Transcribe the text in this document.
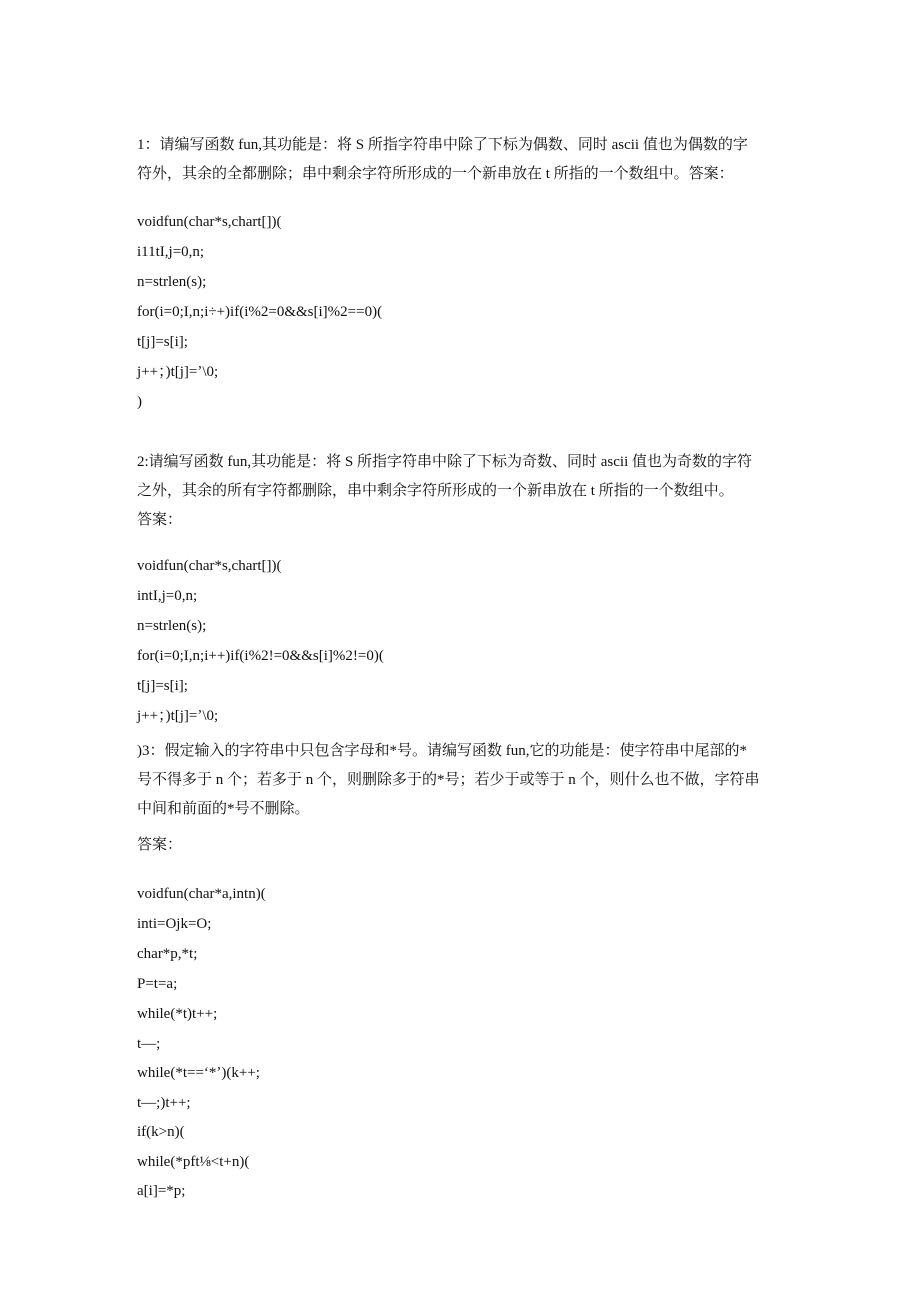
1：请编写函数 fun,其功能是：将 S 所指字符串中除了下标为偶数、同时 ascii 值也为偶数的字
符外，其余的全都删除；串中剩余字符所形成的一个新串放在 t 所指的一个数组中。答案：
voidfun(char*s,chart[])(
i11tI,j=0,n;
n=strlen(s);
for(i=0;I,n;i÷+)if(i%2=0&&s[i]%2==0)(
t[j]=s[i];
j++；)t[j]=ʼ\0;
)
2:请编写函数 fun,其功能是：将 S 所指字符串中除了下标为奇数、同时 ascii 值也为奇数的字符
之外，其余的所有字符都删除，串中剩余字符所形成的一个新串放在 t 所指的一个数组中。
答案：
voidfun(char*s,chart[])(
intI,j=0,n;
n=strlen(s);
for(i=0;I,n;i++)if(i%2!=0&&s[i]%2!=0)(
t[j]=s[i];
j++；)t[j]=ʼ\0;
)3：假定输入的字符串中只包含字母和*号。请编写函数 fun,它的功能是：使字符串中尾部的*
号不得多于 n 个；若多于 n 个，则删除多于的*号；若少于或等于 n 个，则什么也不做，字符串
中间和前面的*号不删除。
答案：
voidfun(char*a,intn)(
inti=Ojk=O;
char*p,*t;
P=t=a;
while(*t)t++;
t—;
while(*t==ʻ*ʼ)(k++;
t—;)t++;
if(k>n)(
while(*pft⅛<t+n)(
a[i]=*p;
